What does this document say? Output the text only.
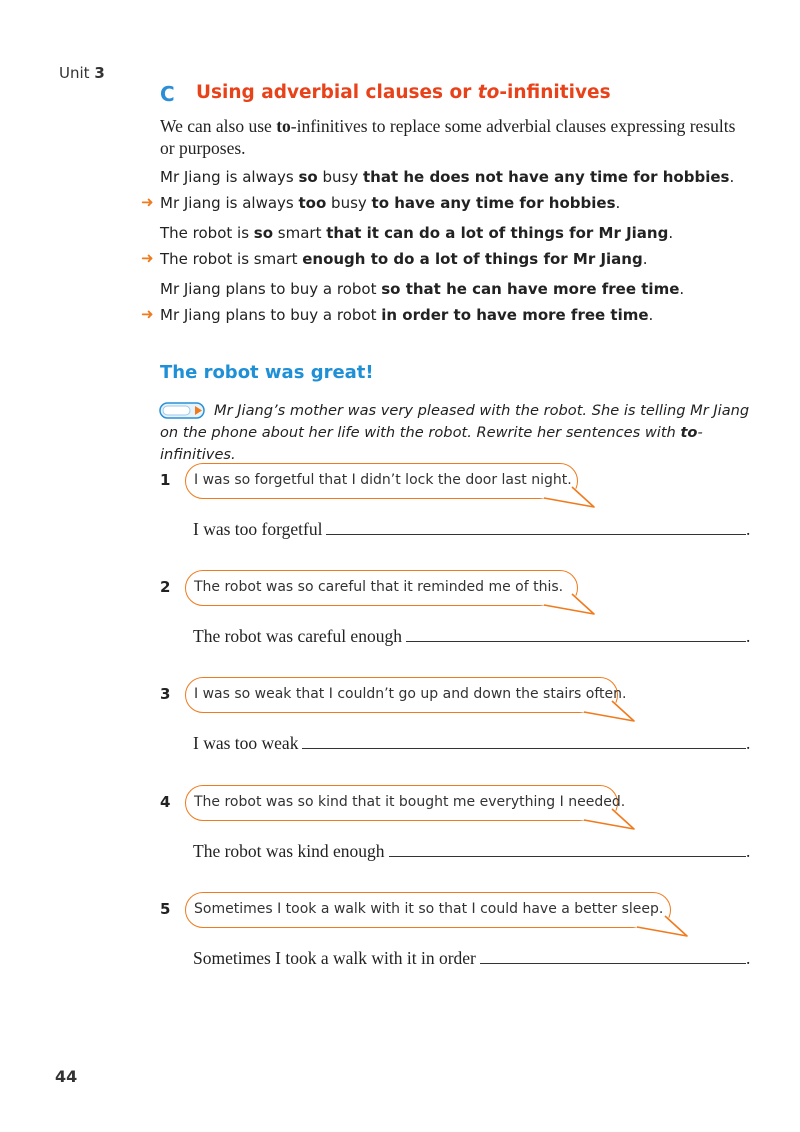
Unit 3
C Using adverbial clauses or to-infinitives
We can also use to-infinitives to replace some adverbial clauses expressing results or purposes.
Mr Jiang is always so busy that he does not have any time for hobbies.
➜ Mr Jiang is always too busy to have any time for hobbies.
The robot is so smart that it can do a lot of things for Mr Jiang.
➜ The robot is smart enough to do a lot of things for Mr Jiang.
Mr Jiang plans to buy a robot so that he can have more free time.
➜ Mr Jiang plans to buy a robot in order to have more free time.
The robot was great!
Mr Jiang’s mother was very pleased with the robot. She is telling Mr Jiang on the phone about her life with the robot. Rewrite her sentences with to-infinitives.
1	I was so forgetful that I didn’t lock the door last night.
I was too forgetful	.
2	The robot was so careful that it reminded me of this.
The robot was careful enough	.
3	I was so weak that I couldn’t go up and down the stairs often.
I was too weak	.
4	The robot was so kind that it bought me everything I needed.
The robot was kind enough	.
5	Sometimes I took a walk with it so that I could have a better sleep.
Sometimes I took a walk with it in order	.
44
